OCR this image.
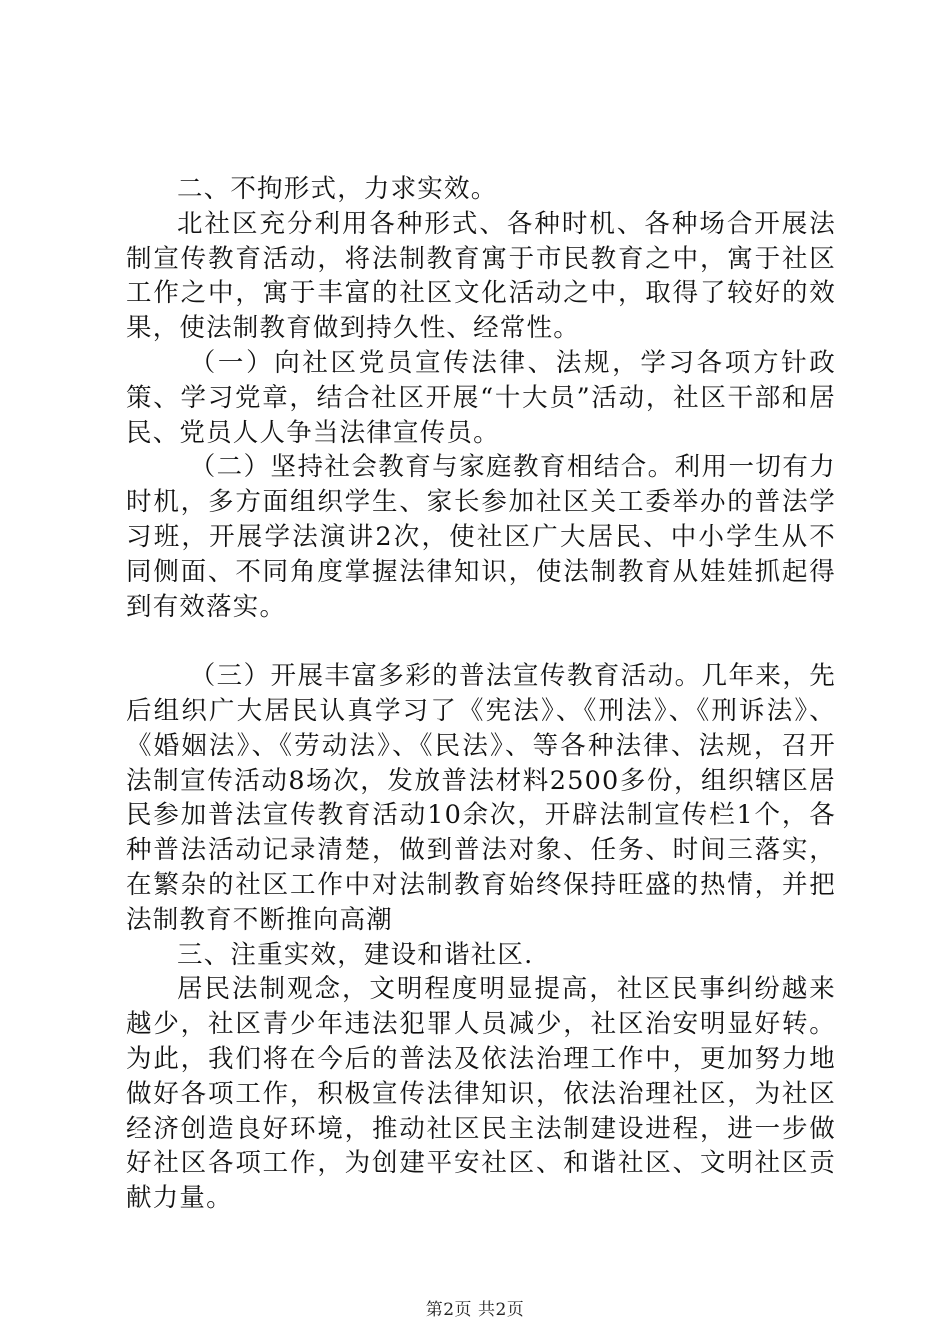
二、不拘形式，力求实效。

北社区充分利用各种形式、各种时机、各种场合开展法制宣传教育活动，将法制教育寓于市民教育之中，寓于社区工作之中，寓于丰富的社区文化活动之中，取得了较好的效果，使法制教育做到持久性、经常性。

（一）向社区党员宣传法律、法规，学习各项方针政策、学习党章，结合社区开展“十大员”活动，社区干部和居民、党员人人争当法律宣传员。

（二）坚持社会教育与家庭教育相结合。利用一切有力时机，多方面组织学生、家长参加社区关工委举办的普法学习班，开展学法演讲2次，使社区广大居民、中小学生从不同侧面、不同角度掌握法律知识，使法制教育从娃娃抓起得到有效落实。

（三）开展丰富多彩的普法宣传教育活动。几年来，先后组织广大居民认真学习了《宪法》、《刑法》、《刑诉法》、《婚姻法》、《劳动法》、《民法》、等各种法律、法规，召开法制宣传活动8场次，发放普法材料2500多份，组织辖区居民参加普法宣传教育活动10余次，开辟法制宣传栏1个，各种普法活动记录清楚，做到普法对象、任务、时间三落实，在繁杂的社区工作中对法制教育始终保持旺盛的热情，并把法制教育不断推向高潮

三、注重实效，建设和谐社区.

居民法制观念，文明程度明显提高，社区民事纠纷越来越少，社区青少年违法犯罪人员减少，社区治安明显好转。为此，我们将在今后的普法及依法治理工作中，更加努力地做好各项工作，积极宣传法律知识，依法治理社区，为社区经济创造良好环境，推动社区民主法制建设进程，进一步做好社区各项工作，为创建平安社区、和谐社区、文明社区贡献力量。

第2页 共2页
